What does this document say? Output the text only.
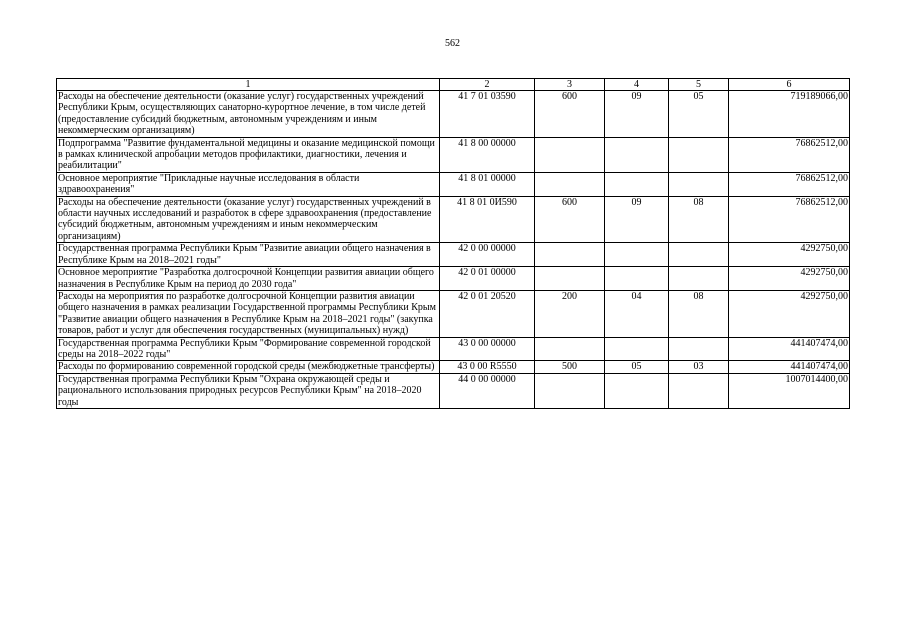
562
1	2	3	4	5	6
Расходы на обеспечение деятельности (оказание услуг) государственных учреждений Республики Крым, осуществляющих санаторно-курортное лечение, в том числе детей (предоставление субсидий бюджетным, автономным учреждениям и иным некоммерческим организациям)	41 7 01 03590	600	09	05	719189066,00
Подпрограмма "Развитие фундаментальной медицины и оказание медицинской помощи в рамках клинической апробации методов профилактики, диагностики, лечения и реабилитации"	41 8 00 00000				76862512,00
Основное мероприятие "Прикладные научные исследования в области здравоохранения"	41 8 01 00000				76862512,00
Расходы на обеспечение деятельности (оказание услуг) государственных учреждений в области научных исследований и разработок в сфере здравоохранения (предоставление субсидий бюджетным, автономным учреждениям и иным некоммерческим организациям)	41 8 01 0И590	600	09	08	76862512,00
Государственная программа Республики Крым "Развитие авиации общего назначения в Республике Крым на 2018–2021 годы"	42 0 00 00000				4292750,00
Основное мероприятие "Разработка долгосрочной Концепции развития авиации общего назначения в Республике Крым на период до 2030 года"	42 0 01 00000				4292750,00
Расходы на мероприятия по разработке долгосрочной Концепции развития авиации общего назначения в рамках реализации Государственной программы Республики Крым "Развитие авиации общего назначения в Республике Крым на 2018–2021 годы" (закупка товаров, работ и услуг для обеспечения государственных (муниципальных) нужд)	42 0 01 20520	200	04	08	4292750,00
Государственная программа Республики Крым "Формирование современной городской среды на 2018–2022 годы"	43 0 00 00000				441407474,00
Расходы по формированию современной городской среды (межбюджетные трансферты)	43 0 00 R5550	500	05	03	441407474,00
Государственная программа Республики Крым "Охрана окружающей среды и рационального использования природных ресурсов Республики Крым" на 2018–2020 годы	44 0 00 00000				1007014400,00
